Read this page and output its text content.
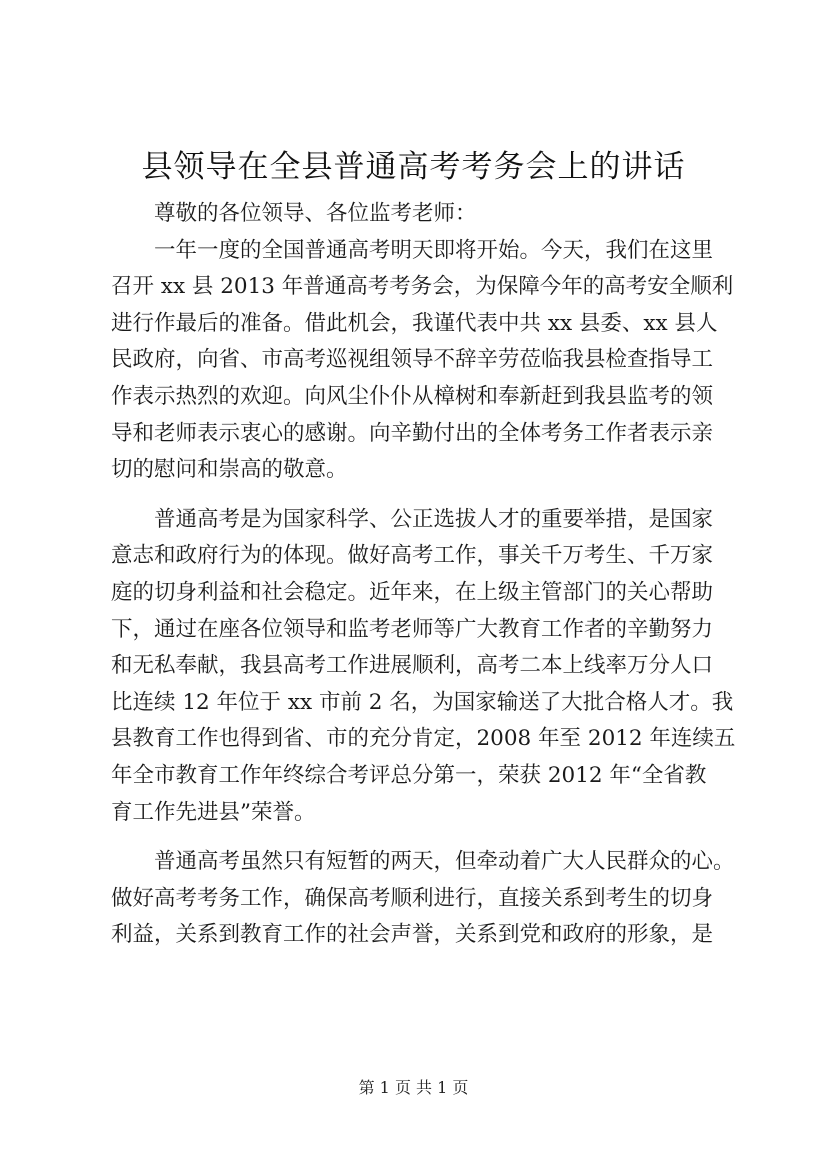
县领导在全县普通高考考务会上的讲话
尊敬的各位领导、各位监考老师：
一年一度的全国普通高考明天即将开始。今天，我们在这里
召开 xx 县 2013 年普通高考考务会，为保障今年的高考安全顺利
进行作最后的准备。借此机会，我谨代表中共 xx 县委、xx 县人
民政府，向省、市高考巡视组领导不辞辛劳莅临我县检查指导工
作表示热烈的欢迎。向风尘仆仆从樟树和奉新赶到我县监考的领
导和老师表示衷心的感谢。向辛勤付出的全体考务工作者表示亲
切的慰问和崇高的敬意。
普通高考是为国家科学、公正选拔人才的重要举措，是国家
意志和政府行为的体现。做好高考工作，事关千万考生、千万家
庭的切身利益和社会稳定。近年来，在上级主管部门的关心帮助
下，通过在座各位领导和监考老师等广大教育工作者的辛勤努力
和无私奉献，我县高考工作进展顺利，高考二本上线率万分人口
比连续 12 年位于 xx 市前 2 名，为国家输送了大批合格人才。我
县教育工作也得到省、市的充分肯定，2008 年至 2012 年连续五
年全市教育工作年终综合考评总分第一，荣获 2012 年“全省教
育工作先进县”荣誉。
普通高考虽然只有短暂的两天，但牵动着广大人民群众的心。
做好高考考务工作，确保高考顺利进行，直接关系到考生的切身
利益，关系到教育工作的社会声誉，关系到党和政府的形象，是
第 1 页 共 1 页
